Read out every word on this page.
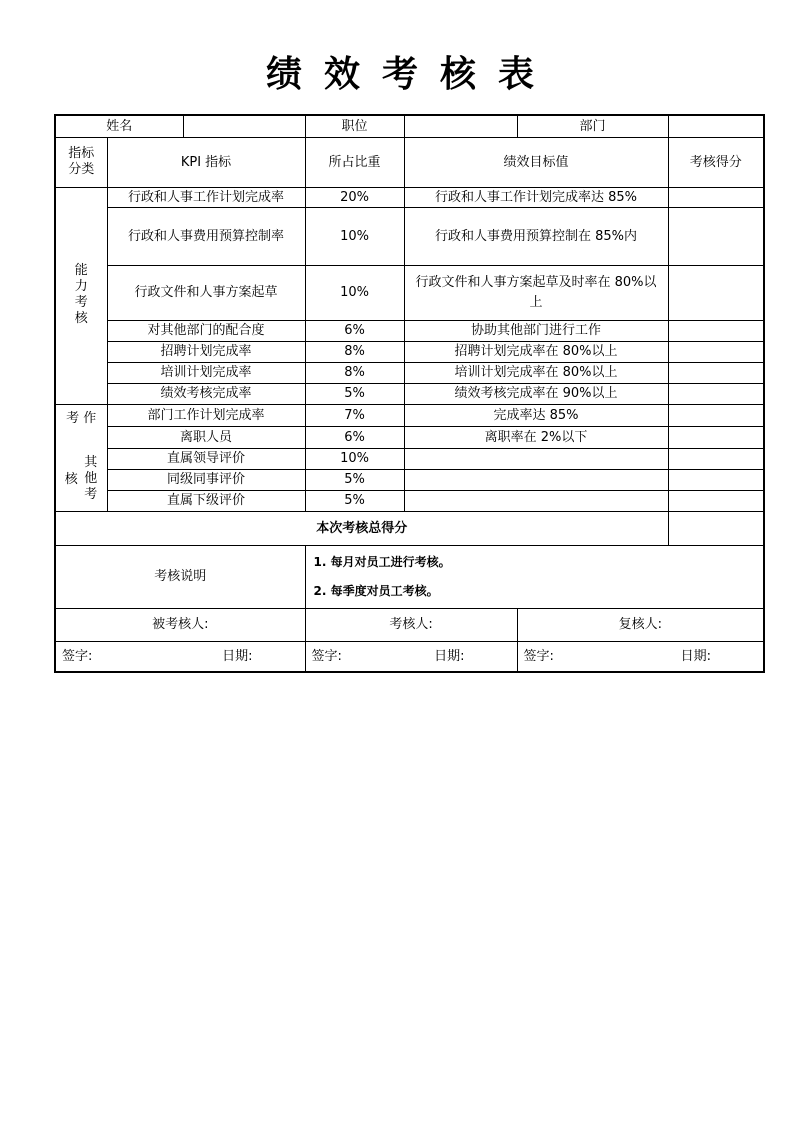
绩效考核表
姓名			职位		部门	
指标分类	KPI 指标		所占比重	绩效目标值		考核得分
能力考核	行政和人事工作计划完成率		20%	行政和人事工作计划完成率达 85%		
	行政和人事费用预算控制率		10%	行政和人事费用预算控制在 85%内		
	行政文件和人事方案起草		10%	行政文件和人事方案起草及时率在 80%以上		

	对其他部门的配合度		6%	协助其他部门进行工作		
	招聘计划完成率		8%	招聘计划完成率在 80%以上		
	培训计划完成率		8%	培训计划完成率在 80%以上		
	绩效考核完成率		5%	绩效考核完成率在 90%以上		
考 作	部门工作计划完成率		7%	完成率达 85%		
	离职人员		6%	离职率在 2%以下		

核
其他考	直属领导评价		10%			
	同级同事评价		5%			
	直属下级评价		5%			
本次考核总得分						
考核说明			1. 每月对员工进行考核。
2. 每季度对员工考核。			

被考核人:			考核人:		复核人:	

签字: 日期:			签字: 日期:		签字: 日期:	
